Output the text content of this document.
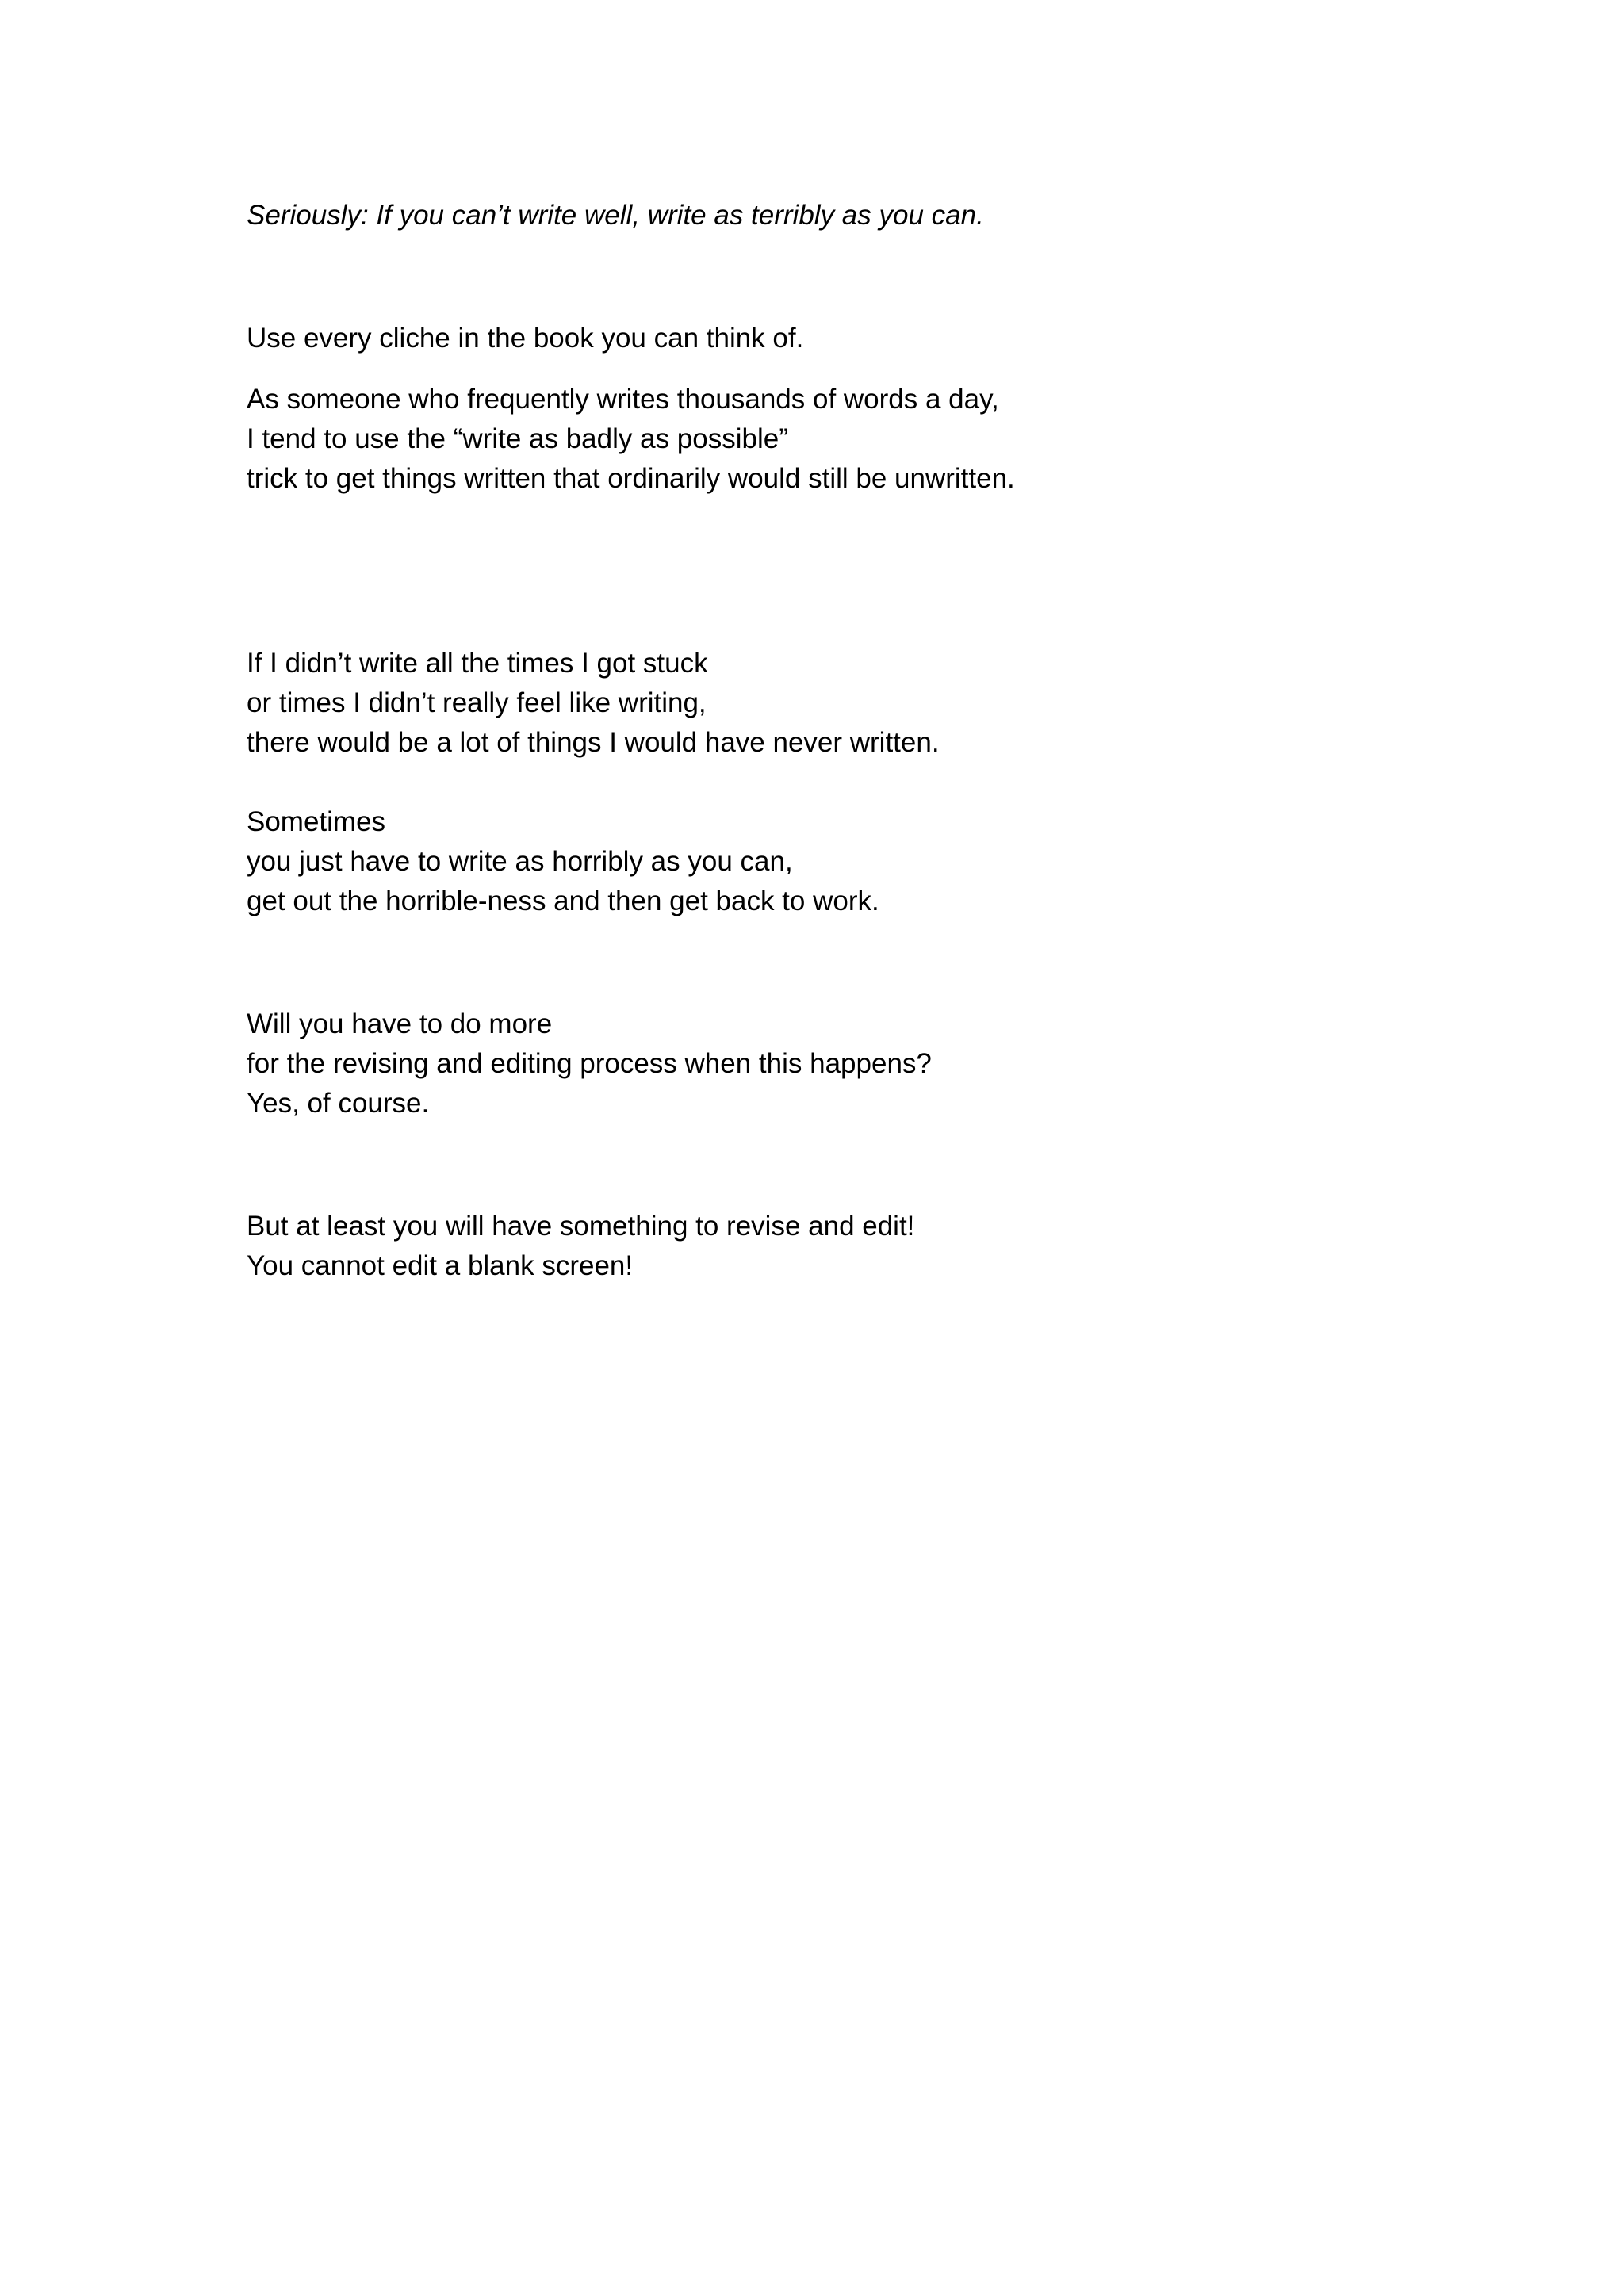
Seriously: If you can’t write well, write as terribly as you can.

Use every cliche in the book you can think of.

As someone who frequently writes thousands of words a day,

I tend to use the “write as badly as possible”

trick to get things written that ordinarily would still be unwritten.

If I didn’t write all the times I got stuck

or times I didn’t really feel like writing,

there would be a lot of things I would have never written.

Sometimes

you just have to write as horribly as you can,

get out the horrible-ness and then get back to work.

Will you have to do more

for the revising and editing process when this happens?

Yes, of course.

But at least you will have something to revise and edit!

You cannot edit a blank screen!
